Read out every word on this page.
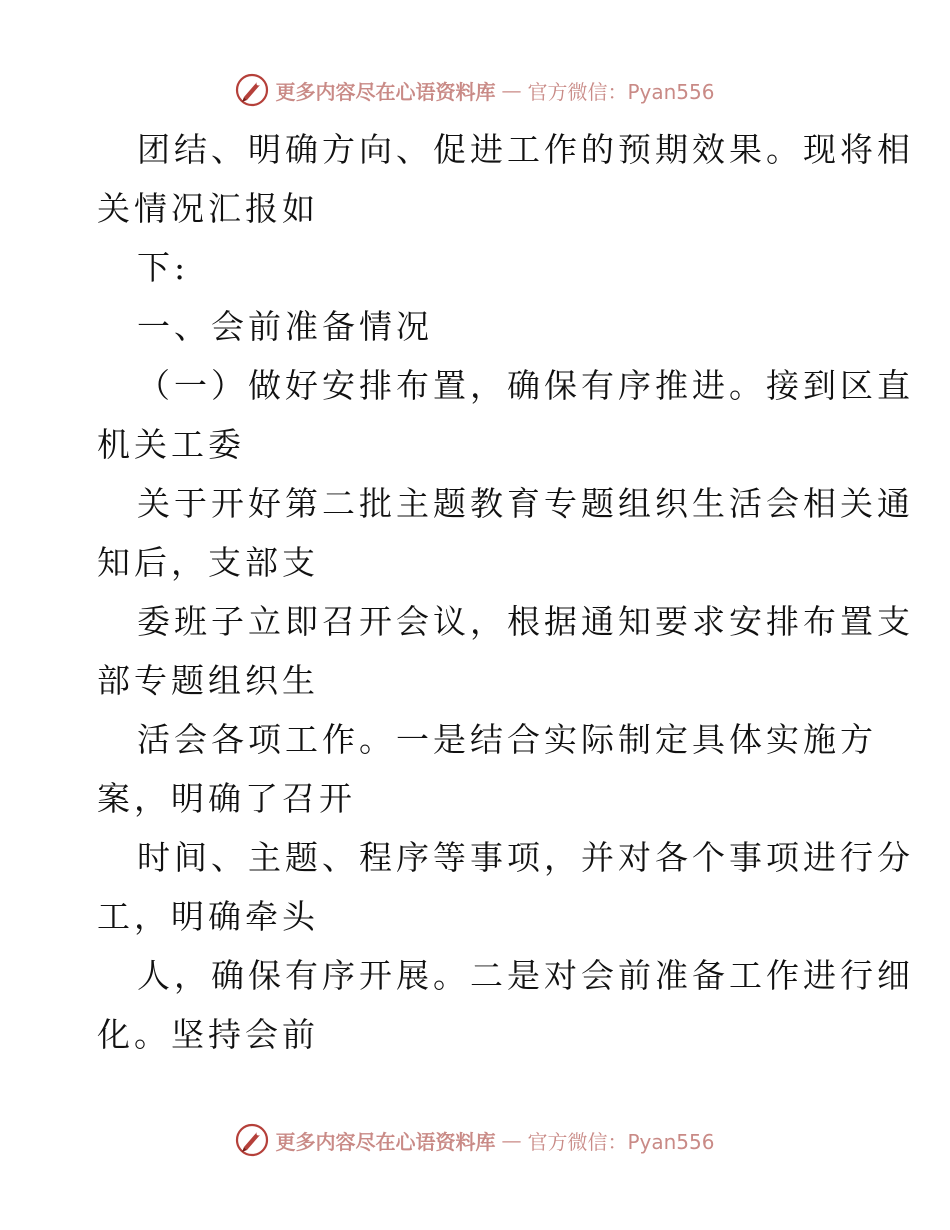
更多内容尽在心语资料库 — 官方微信：Pyan556
团结、明确方向、促进工作的预期效果。现将相
关情况汇报如
下:
一、会前准备情况
（一）做好安排布置，确保有序推进。接到区直
机关工委
关于开好第二批主题教育专题组织生活会相关通
知后，支部支
委班子立即召开会议，根据通知要求安排布置支
部专题组织生
活会各项工作。一是结合实际制定具体实施方
案，明确了召开
时间、主题、程序等事项，并对各个事项进行分
工，明确牵头
人，确保有序开展。二是对会前准备工作进行细
化。坚持会前
更多内容尽在心语资料库 — 官方微信：Pyan556
